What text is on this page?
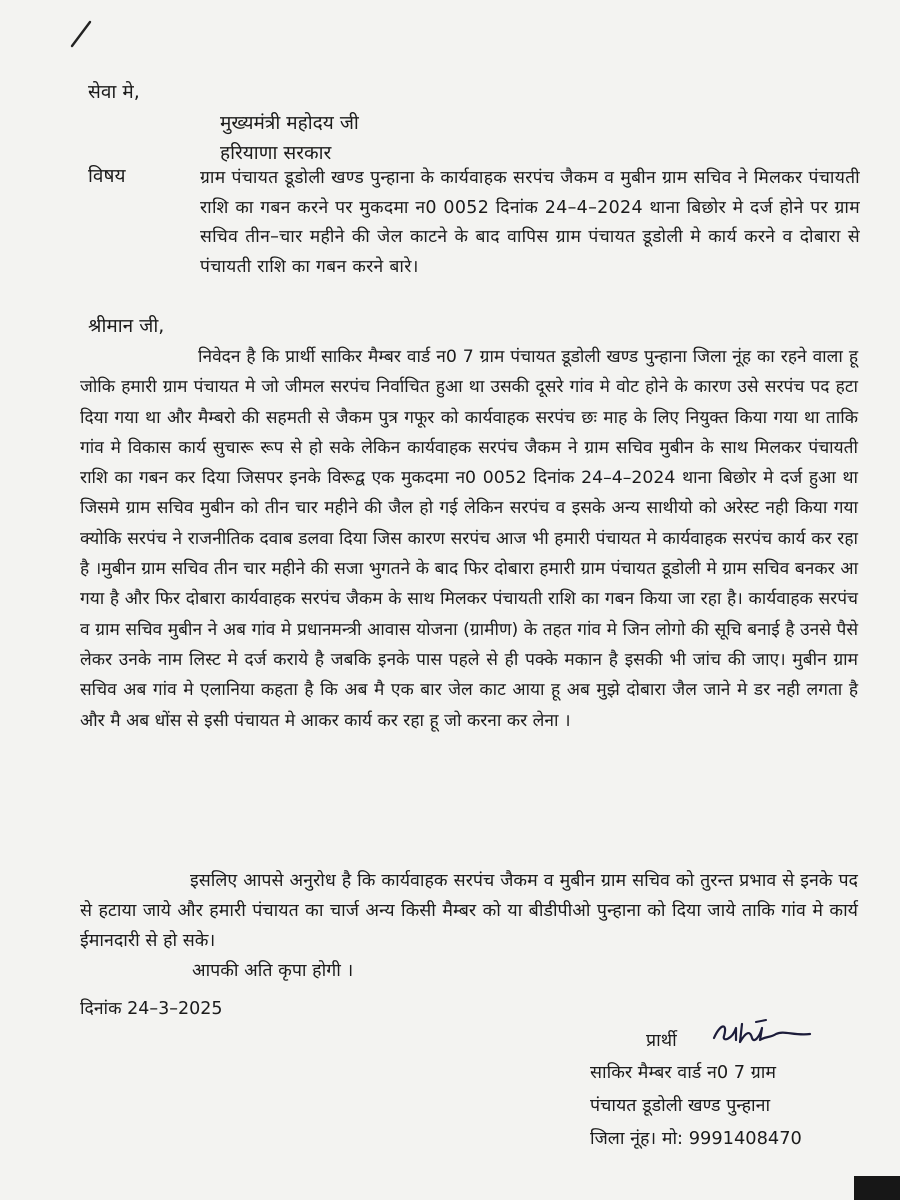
सेवा मे,
मुख्यमंत्री महोदय जी
हरियाणा सरकार
विषय	ग्राम पंचायत डूडोली खण्ड पुन्हाना के कार्यवाहक सरपंच जैकम व मुबीन ग्राम सचिव ने मिलकर पंचायती राशि का गबन करने पर मुकदमा न0 0052 दिनांक 24–4–2024 थाना बिछोर मे दर्ज होने पर ग्राम सचिव तीन–चार महीने की जेल काटने के बाद वापिस ग्राम पंचायत डूडोली मे कार्य करने व दोबारा से पंचायती राशि का गबन करने बारे।
श्रीमान जी,

निवेदन है कि प्रार्थी साकिर मैम्बर वार्ड न0 7 ग्राम पंचायत डूडोली खण्ड पुन्हाना जिला नूंह का रहने वाला हू जोकि हमारी ग्राम पंचायत मे जो जीमल सरपंच निर्वाचित हुआ था उसकी दूसरे गांव मे वोट होने के कारण उसे सरपंच पद हटा दिया गया था और मैम्बरो की सहमती से जैकम पुत्र गफूर को कार्यवाहक सरपंच छः माह के लिए नियुक्त किया गया था ताकि गांव मे विकास कार्य सुचारू रूप से हो सके लेकिन कार्यवाहक सरपंच जैकम ने ग्राम सचिव मुबीन के साथ मिलकर पंचायती राशि का गबन कर दिया जिसपर इनके विरूद्व एक मुकदमा न0 0052 दिनांक 24–4–2024 थाना बिछोर मे दर्ज हुआ था जिसमे ग्राम सचिव मुबीन को तीन चार महीने की जैल हो गई लेकिन सरपंच व इसके अन्य साथीयो को अरेस्ट नही किया गया क्योकि सरपंच ने राजनीतिक दवाब डलवा दिया जिस कारण सरपंच आज भी हमारी पंचायत मे कार्यवाहक सरपंच कार्य कर रहा है ।मुबीन ग्राम सचिव तीन चार महीने की सजा भुगतने के बाद फिर दोबारा हमारी ग्राम पंचायत डूडोली मे ग्राम सचिव बनकर आ गया है और फिर दोबारा कार्यवाहक सरपंच जैकम के साथ मिलकर पंचायती राशि का गबन किया जा रहा है। कार्यवाहक सरपंच व ग्राम सचिव मुबीन ने अब गांव मे प्रधानमन्त्री आवास योजना (ग्रामीण) के तहत गांव मे जिन लोगो की सूचि बनाई है उनसे पैसे लेकर उनके नाम लिस्ट मे दर्ज कराये है जबकि इनके पास पहले से ही पक्के मकान है इसकी भी जांच की जाए। मुबीन ग्राम सचिव अब गांव मे एलानिया कहता है कि अब मै एक बार जेल काट आया हू अब मुझे दोबारा जैल जाने मे डर नही लगता है और मै अब धोंस से इसी पंचायत मे आकर कार्य कर रहा हू जो करना कर लेना ।

इसलिए आपसे अनुरोध है कि कार्यवाहक सरपंच जैकम व मुबीन ग्राम सचिव को तुरन्त प्रभाव से इनके पद से हटाया जाये और हमारी पंचायत का चार्ज अन्य किसी मैम्बर को या बीडीपीओ पुन्हाना को दिया जाये ताकि गांव मे कार्य ईमानदारी से हो सके।

आपकी अति कृपा होगी ।
दिनांक 24–3–2025
प्रार्थी
साकिर मैम्बर वार्ड न0 7 ग्राम
पंचायत डूडोली खण्ड पुन्हाना
जिला नूंह। मो: 9991408470
